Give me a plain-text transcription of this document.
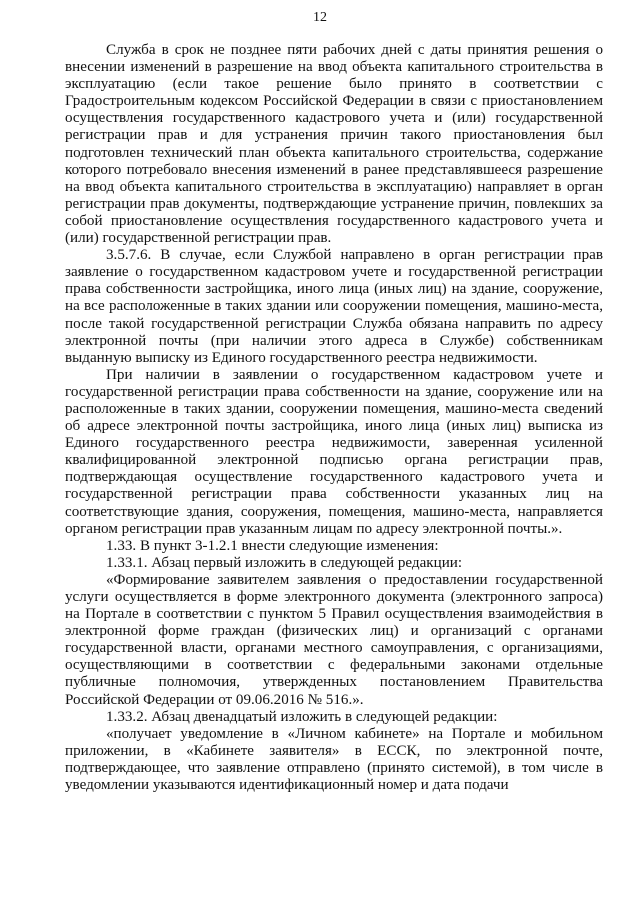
12

Служба в срок не позднее пяти рабочих дней с даты принятия решения о внесении изменений в разрешение на ввод объекта капитального строительства в эксплуатацию (если такое решение было принято в соответствии с Градостроительным кодексом Российской Федерации в связи с приостановлением осуществления государственного кадастрового учета и (или) государственной регистрации прав и для устранения причин такого приостановления был подготовлен технический план объекта капитального строительства, содержание которого потребовало внесения изменений в ранее представлявшееся разрешение на ввод объекта капитального строительства в эксплуатацию) направляет в орган регистрации прав документы, подтверждающие устранение причин, повлекших за собой приостановление осуществления государственного кадастрового учета и (или) государственной регистрации прав.

3.5.7.6. В случае, если Службой направлено в орган регистрации прав заявление о государственном кадастровом учете и государственной регистрации права собственности застройщика, иного лица (иных лиц) на здание, сооружение, на все расположенные в таких здании или сооружении помещения, машино-места, после такой государственной регистрации Служба обязана направить по адресу электронной почты (при наличии этого адреса в Службе) собственникам выданную выписку из Единого государственного реестра недвижимости.

При наличии в заявлении о государственном кадастровом учете и государственной регистрации права собственности на здание, сооружение или на расположенные в таких здании, сооружении помещения, машино-места сведений об адресе электронной почты застройщика, иного лица (иных лиц) выписка из Единого государственного реестра недвижимости, заверенная усиленной квалифицированной электронной подписью органа регистрации прав, подтверждающая осуществление государственного кадастрового учета и государственной регистрации права собственности указанных лиц на соответствующие здания, сооружения, помещения, машино-места, направляется органом регистрации прав указанным лицам по адресу электронной почты.».

1.33. В пункт 3-1.2.1 внести следующие изменения:

1.33.1. Абзац первый изложить в следующей редакции:

«Формирование заявителем заявления о предоставлении государственной услуги осуществляется в форме электронного документа (электронного запроса) на Портале в соответствии с пунктом 5 Правил осуществления взаимодействия в электронной форме граждан (физических лиц) и организаций с органами государственной власти, органами местного самоуправления, с организациями, осуществляющими в соответствии с федеральными законами отдельные публичные полномочия, утвержденных постановлением Правительства Российской Федерации от 09.06.2016 № 516.».

1.33.2. Абзац двенадцатый изложить в следующей редакции:

«получает уведомление в «Личном кабинете» на Портале и мобильном приложении, в «Кабинете заявителя» в ЕССК, по электронной почте, подтверждающее, что заявление отправлено (принято системой), в том числе в уведомлении указываются идентификационный номер и дата подачи
